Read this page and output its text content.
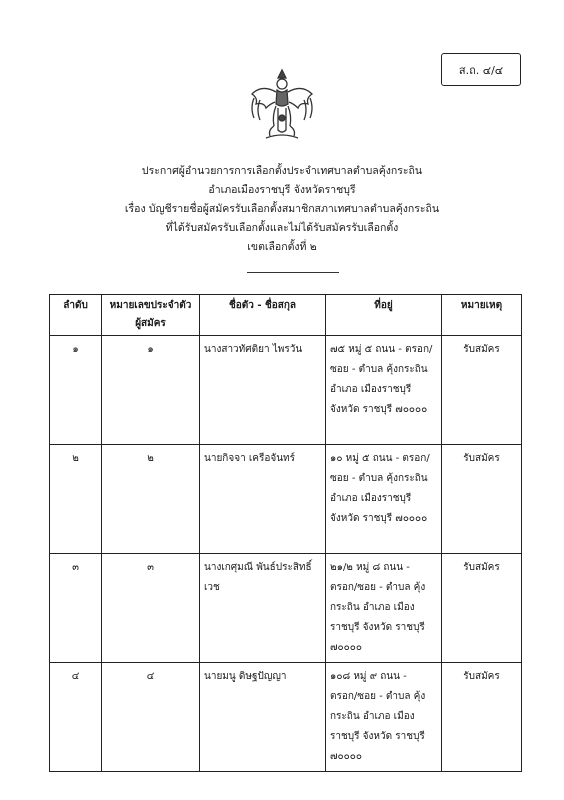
ส.ถ. ๔/๔
ประกาศผู้อำนวยการการเลือกตั้งประจำเทศบาลตำบลคุ้งกระถิน
อำเภอเมืองราชบุรี จังหวัดราชบุรี
เรื่อง บัญชีรายชื่อผู้สมัครรับเลือกตั้งสมาชิกสภาเทศบาลตำบลคุ้งกระถิน
ที่ได้รับสมัครรับเลือกตั้งและไม่ได้รับสมัครรับเลือกตั้ง
เขตเลือกตั้งที่ ๒
ลำดับ	หมายเลขประจำตัว ผู้สมัคร	ชื่อตัว - ชื่อสกุล	ที่อยู่	หมายเหตุ
๑	๑	นางสาวทัศติยา ไพรวัน	๗๕ หมู่ ๕ ถนน - ตรอก/ซอย - ตำบล คุ้งกระถิน อำเภอ เมืองราชบุรี จังหวัด ราชบุรี ๗๐๐๐๐	รับสมัคร
๒	๒	นายกิจจา เครือจันทร์	๑๐ หมู่ ๕ ถนน - ตรอก/ซอย - ตำบล คุ้งกระถิน อำเภอ เมืองราชบุรี จังหวัด ราชบุรี ๗๐๐๐๐	รับสมัคร
๓	๓	นางเกศุมณี พันธ์ประสิทธิ์เวช	๒๑/๒ หมู่ ๘ ถนน - ตรอก/ซอย - ตำบล คุ้งกระถิน อำเภอ เมืองราชบุรี จังหวัด ราชบุรี ๗๐๐๐๐	รับสมัคร
๔	๔	นายมนู ดิษฐปัญญา	๑๐๘ หมู่ ๙ ถนน - ตรอก/ซอย - ตำบล คุ้งกระถิน อำเภอ เมืองราชบุรี จังหวัด ราชบุรี ๗๐๐๐๐	รับสมัคร
